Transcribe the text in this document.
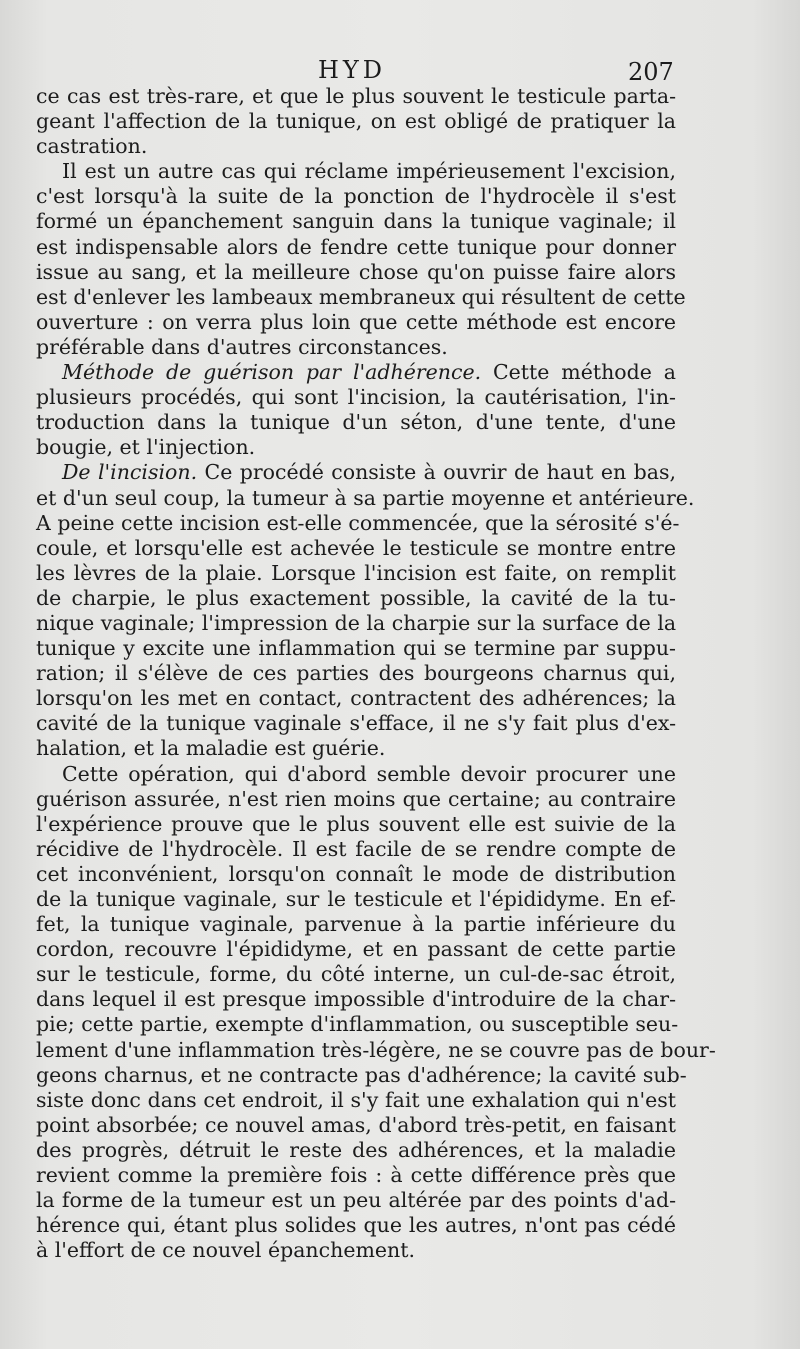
HYD	207
ce cas est très-rare, et que le plus souvent le testicule parta-
geant l'affection de la tunique, on est obligé de pratiquer la
castration.
Il est un autre cas qui réclame impérieusement l'excision,
c'est lorsqu'à la suite de la ponction de l'hydrocèle il s'est
formé un épanchement sanguin dans la tunique vaginale; il
est indispensable alors de fendre cette tunique pour donner
issue au sang, et la meilleure chose qu'on puisse faire alors
est d'enlever les lambeaux membraneux qui résultent de cette
ouverture : on verra plus loin que cette méthode est encore
préférable dans d'autres circonstances.
Méthode de guérison par l'adhérence. Cette méthode a
plusieurs procédés, qui sont l'incision, la cautérisation, l'in-
troduction dans la tunique d'un séton, d'une tente, d'une
bougie, et l'injection.
De l'incision. Ce procédé consiste à ouvrir de haut en bas,
et d'un seul coup, la tumeur à sa partie moyenne et antérieure.
A peine cette incision est-elle commencée, que la sérosité s'é-
coule, et lorsqu'elle est achevée le testicule se montre entre
les lèvres de la plaie. Lorsque l'incision est faite, on remplit
de charpie, le plus exactement possible, la cavité de la tu-
nique vaginale; l'impression de la charpie sur la surface de la
tunique y excite une inflammation qui se termine par suppu-
ration; il s'élève de ces parties des bourgeons charnus qui,
lorsqu'on les met en contact, contractent des adhérences; la
cavité de la tunique vaginale s'efface, il ne s'y fait plus d'ex-
halation, et la maladie est guérie.
Cette opération, qui d'abord semble devoir procurer une
guérison assurée, n'est rien moins que certaine; au contraire
l'expérience prouve que le plus souvent elle est suivie de la
récidive de l'hydrocèle. Il est facile de se rendre compte de
cet inconvénient, lorsqu'on connaît le mode de distribution
de la tunique vaginale, sur le testicule et l'épididyme. En ef-
fet, la tunique vaginale, parvenue à la partie inférieure du
cordon, recouvre l'épididyme, et en passant de cette partie
sur le testicule, forme, du côté interne, un cul-de-sac étroit,
dans lequel il est presque impossible d'introduire de la char-
pie; cette partie, exempte d'inflammation, ou susceptible seu-
lement d'une inflammation très-légère, ne se couvre pas de bour-
geons charnus, et ne contracte pas d'adhérence; la cavité sub-
siste donc dans cet endroit, il s'y fait une exhalation qui n'est
point absorbée; ce nouvel amas, d'abord très-petit, en faisant
des progrès, détruit le reste des adhérences, et la maladie
revient comme la première fois : à cette différence près que
la forme de la tumeur est un peu altérée par des points d'ad-
hérence qui, étant plus solides que les autres, n'ont pas cédé
à l'effort de ce nouvel épanchement.
